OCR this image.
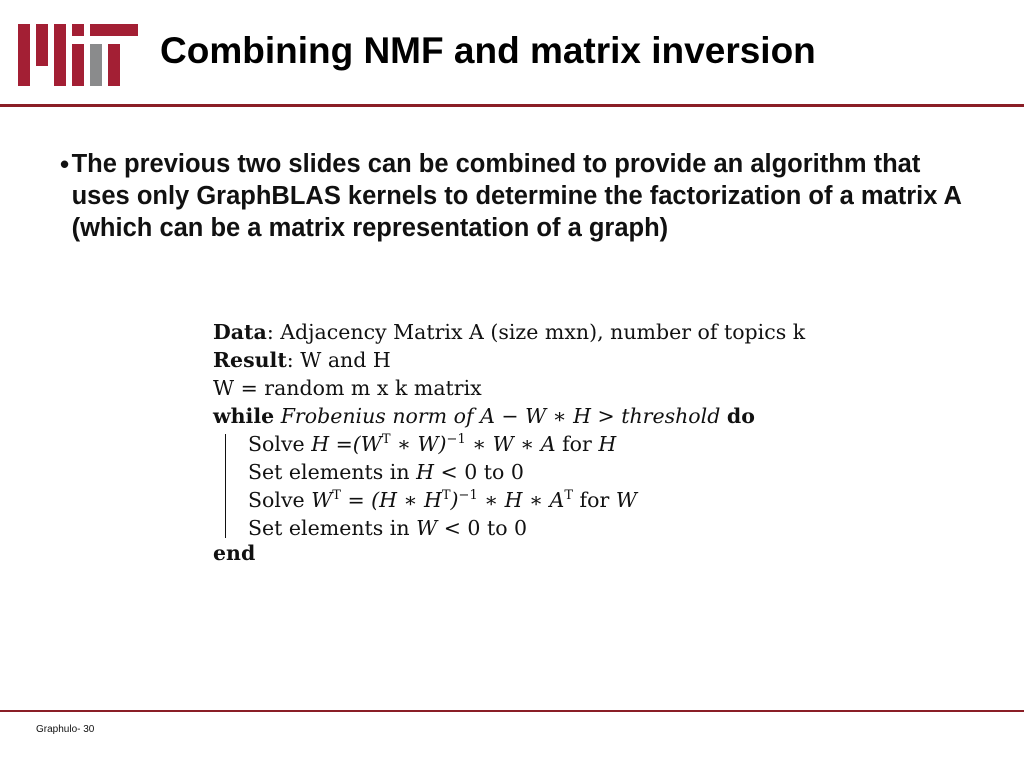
Combining NMF and matrix inversion
• The previous two slides can be combined to provide an algorithm that uses only GraphBLAS kernels to determine the factorization of a matrix A (which can be a matrix representation of a graph)
Data: Adjacency Matrix A (size mxn), number of topics k
Result: W and H
W = random m x k matrix
while Frobenius norm of A − W ∗ H > threshold do
Solve $H =(W^T$ ∗ W)$^{-1}$ ∗ W ∗ A for H
Set elements in H < 0 to 0
Solve $W^T = (H$ ∗ $H^T)^{-1}$ ∗ H ∗ $A^T$ for W
Set elements in W < 0 to 0
end
Graphulo- 30
